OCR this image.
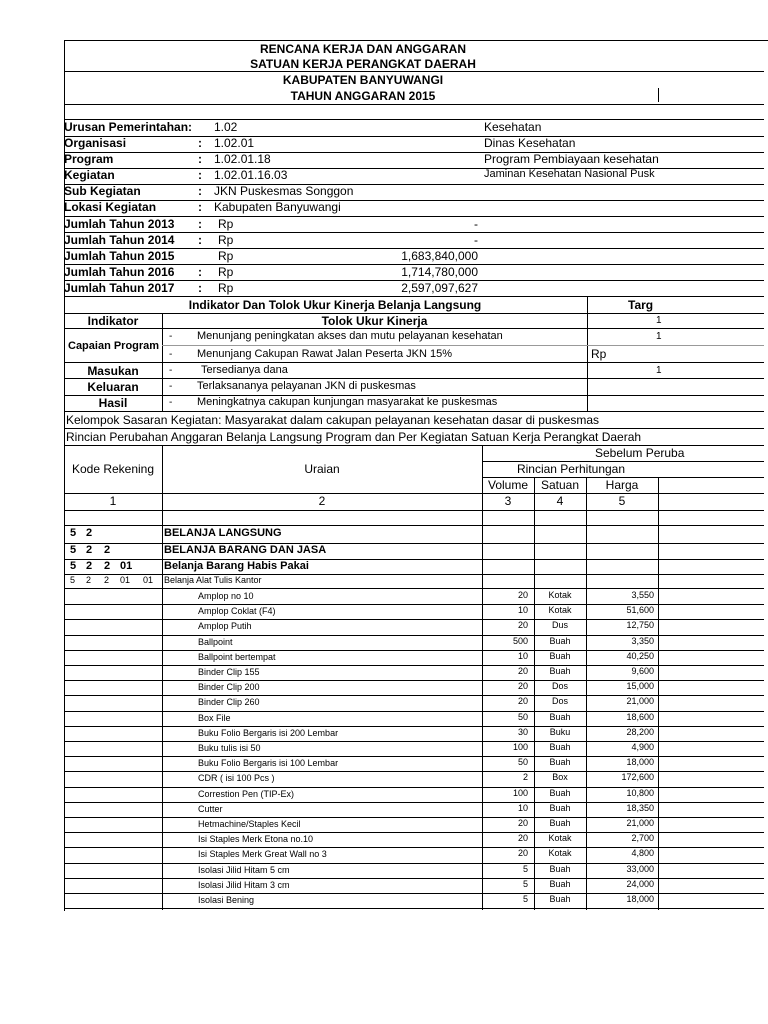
RENCANA KERJA DAN ANGGARAN
SATUAN KERJA PERANGKAT DAERAH
KABUPATEN BANYUWANGI
TAHUN ANGGARAN 2015
Urusan Pemerintahan: 1.02	Kesehatan
Organisasi	: 1.02.01	Dinas Kesehatan
Program	: 1.02.01.18	Program Pembiayaan kesehatan
Kegiatan	: 1.02.01.16.03	Jaminan Kesehatan Nasional Pusk
Sub Kegiatan	: JKN Puskesmas Songgon
Lokasi Kegiatan	: Kabupaten Banyuwangi
Jumlah Tahun 2013 : Rp	-
Jumlah Tahun 2014 : Rp	-
Jumlah Tahun 2015	Rp	1,683,840,000
Jumlah Tahun 2016 : Rp	1,714,780,000
Jumlah Tahun 2017 : Rp	2,597,097,627
Indikator Dan Tolok Ukur Kinerja Belanja Langsung	Targ
Indikator	Tolok Ukur Kinerja	1
Capaian Program
- Menunjang peningkatan akses dan mutu pelayanan kesehatan	1
- Menunjang Cakupan Rawat Jalan Peserta JKN 15%	Rp
Masukan	-	Tersedianya dana	1
Keluaran	- Terlaksananya pelayanan JKN di puskesmas
Hasil	- Meningkatnya cakupan kunjungan masyarakat ke puskesmas
Kelompok Sasaran Kegiatan: Masyarakat dalam cakupan pelayanan kesehatan dasar di puskesmas
Rincian Perubahan Anggaran Belanja Langsung Program dan Per Kegiatan Satuan Kerja Perangkat Daerah
Sebelum Peruba
Kode Rekening	Uraian	Rincian Perhitungan
Volume	Satuan	Harga
1	2	3	4	5
5 2	BELANJA LANGSUNG
5 2 2	BELANJA BARANG DAN JASA
5 2 2 01	Belanja Barang Habis Pakai
5 2 2 01 01 Belanja Alat Tulis Kantor
Amplop no 10	20	Kotak	3,550
Amplop Coklat (F4)	10	Kotak	51,600
Amplop Putih	20	Dus	12,750
Ballpoint	500	Buah	3,350
Ballpoint bertempat	10	Buah	40,250
Binder Clip 155	20	Buah	9,600
Binder Clip 200	20	Dos	15,000
Binder Clip 260	20	Dos	21,000
Box File	50	Buah	18,600
Buku Folio Bergaris isi 200 Lembar	30	Buku	28,200
Buku tulis isi 50	100	Buah	4,900
Buku Folio Bergaris isi 100 Lembar	50	Buah	18,000
CDR ( isi 100 Pcs )	2	Box	172,600
Correstion Pen (TIP-Ex)	100	Buah	10,800
Cutter	10	Buah	18,350
Hetmachine/Staples Kecil	20	Buah	21,000
Isi Staples Merk Etona no.10	20	Kotak	2,700
Isi Staples Merk Great Wall no 3	20	Kotak	4,800
Isolasi Jilid Hitam 5 cm	5	Buah	33,000
Isolasi Jilid Hitam 3 cm	5	Buah	24,000
Isolasi Bening	5	Buah	18,000
